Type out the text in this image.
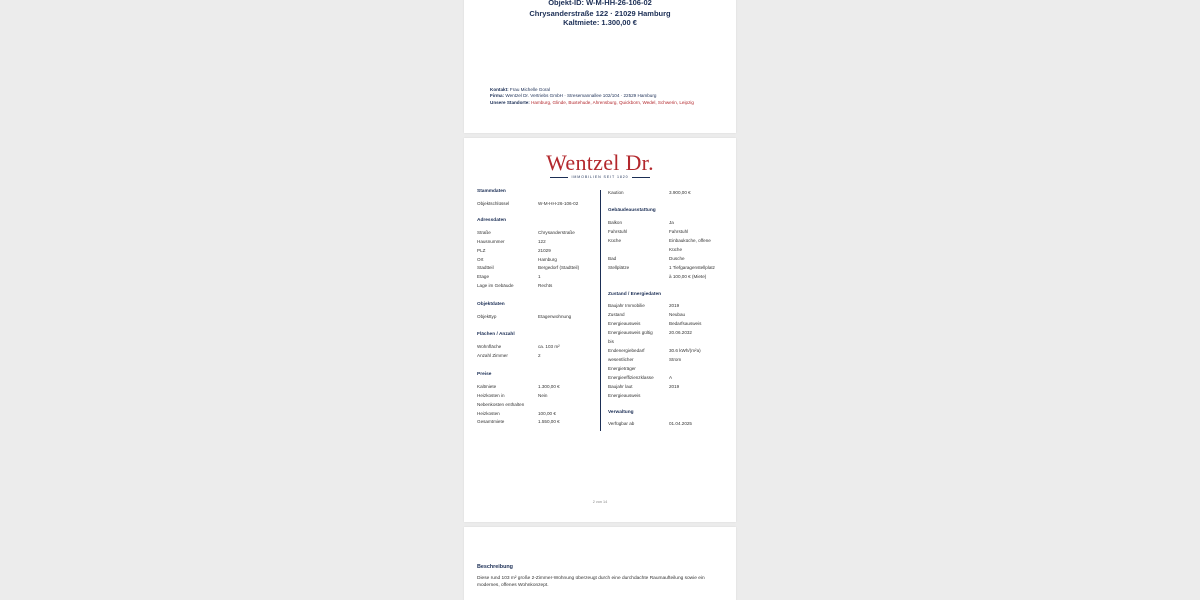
Objekt-ID: W-M-HH-26-106-02
Chrysanderstraße 122 · 21029 Hamburg
Kaltmiete: 1.300,00 €
Kontakt: Frau Michelle Goral
Firma: Wentzel Dr. Vertriebs GmbH · Stresemannallee 102/104 · 22529 Hamburg
Unsere Standorte: Hamburg, Glinde, Buxtehude, Ahrensburg, Quickborn, Wedel, Schwerin, Leipzig
Wentzel Dr.
IMMOBILIEN SEIT 1820
Stammdaten
Objektschlüssel	W-M-HH-26-106-02
Adressdaten
Straße	Chrysanderstraße
Hausnummer	122
PLZ	21029
Ort	Hamburg
Stadtteil	Bergedorf (Stadtteil)
Etage	1
Lage im Gebäude	Rechts
Objektdaten
Objekttyp	Etagenwohnung
Flächen / Anzahl
Wohnfläche	ca. 103 m²
Anzahl Zimmer	2
Preise
Kaltmiete	1.300,00 €
Heizkosten in	Nein
Nebenkosten enthalten
Heizkosten	100,00 €
Gesamtmiete	1.550,00 €
Kaution	3.900,00 €
Gebäudeausstattung
Balkon	Ja
Fahrstuhl	Fahrstuhl
Küche	Einbauküche, offene
Küche
Bad	Dusche
Stellplätze	1 Tiefgaragenstellplatz
à 100,00 € (Miete)
Zustand / Energiedaten
Baujahr Immobilie	2019
Zustand	Neubau
Energieausweis	Bedarfsausweis
Energieausweis gültig	20.06.2032
bis
Endenergiebedarf	30.6 kWh/(m²a)
wesentlicher	Strom
Energieträger
Energieeffizienzklasse	A
Baujahr laut	2019
Energieausweis
Verwaltung
Verfügbar ab	01.04.2025
2 von 14
Beschreibung
Diese rund 103 m² große 2-Zimmer-Wohnung überzeugt durch eine durchdachte Raumaufteilung sowie ein modernes, offenes Wohnkonzept.
